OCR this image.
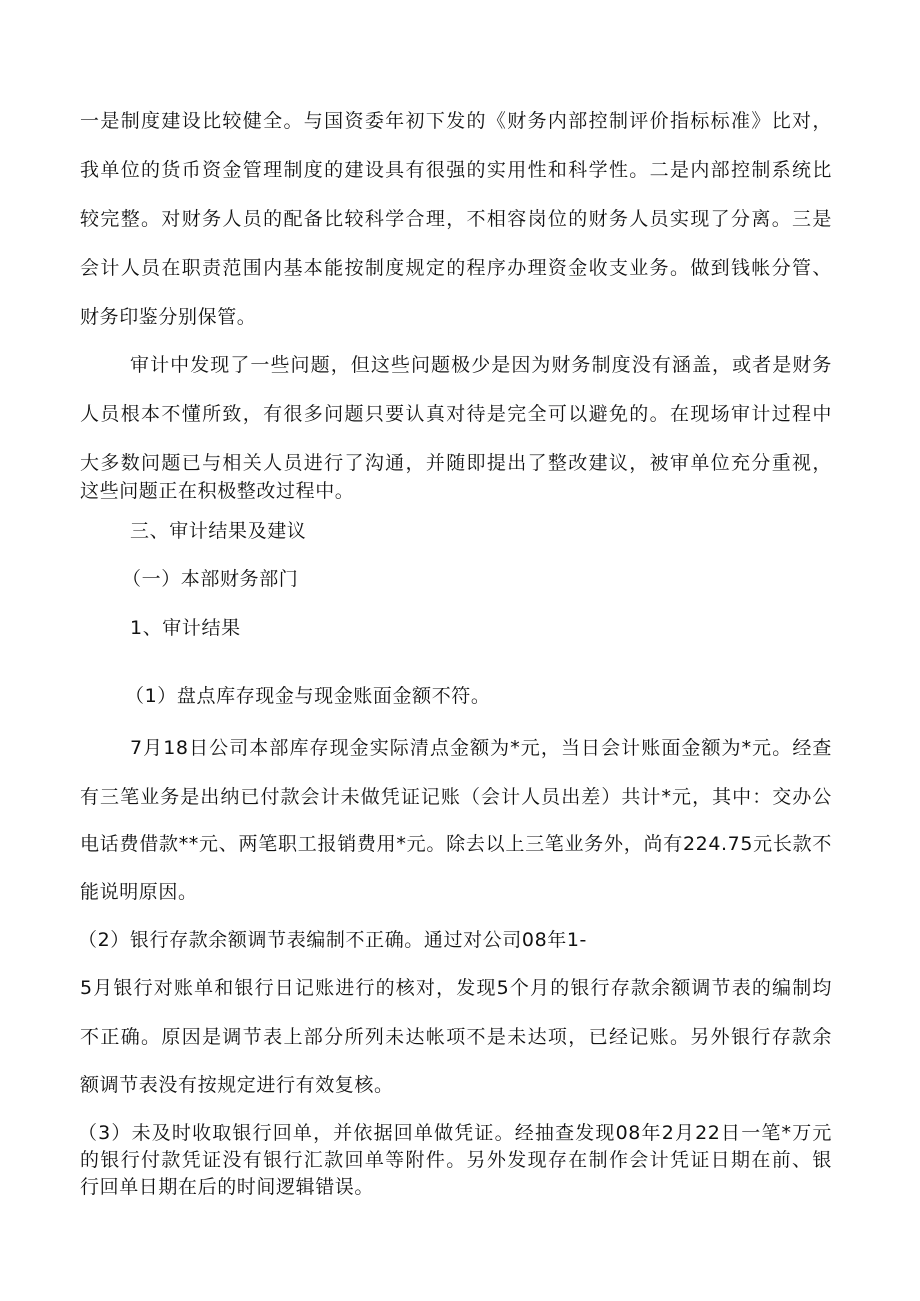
一是制度建设比较健全。与国资委年初下发的《财务内部控制评价指标标准》比对，
我单位的货币资金管理制度的建设具有很强的实用性和科学性。二是内部控制系统比
较完整。对财务人员的配备比较科学合理，不相容岗位的财务人员实现了分离。三是
会计人员在职责范围内基本能按制度规定的程序办理资金收支业务。做到钱帐分管、
财务印鉴分别保管。
审计中发现了一些问题，但这些问题极少是因为财务制度没有涵盖，或者是财务
人员根本不懂所致，有很多问题只要认真对待是完全可以避免的。在现场审计过程中
大多数问题已与相关人员进行了沟通，并随即提出了整改建议，被审单位充分重视，
这些问题正在积极整改过程中。
三、审计结果及建议
（一）本部财务部门
1、审计结果
（1）盘点库存现金与现金账面金额不符。
7月18日公司本部库存现金实际清点金额为*元，当日会计账面金额为*元。经查
有三笔业务是出纳已付款会计未做凭证记账（会计人员出差）共计*元，其中：交办公
电话费借款**元、两笔职工报销费用*元。除去以上三笔业务外，尚有224.75元长款不
能说明原因。
（2）银行存款余额调节表编制不正确。通过对公司08年1-
5月银行对账单和银行日记账进行的核对，发现5个月的银行存款余额调节表的编制均
不正确。原因是调节表上部分所列未达帐项不是未达项，已经记账。另外银行存款余
额调节表没有按规定进行有效复核。
（3）未及时收取银行回单，并依据回单做凭证。经抽查发现08年2月22日一笔*万元
的银行付款凭证没有银行汇款回单等附件。另外发现存在制作会计凭证日期在前、银
行回单日期在后的时间逻辑错误。
